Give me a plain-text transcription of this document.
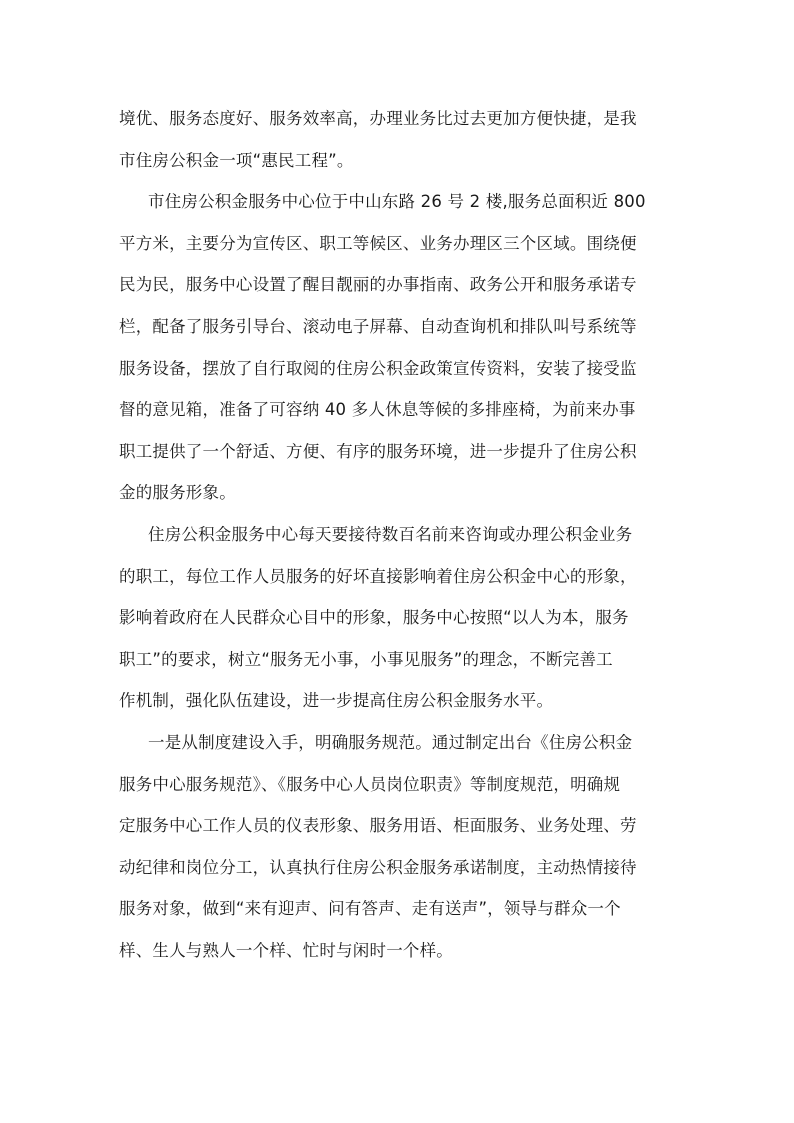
境优、服务态度好、服务效率高，办理业务比过去更加方便快捷，是我
市住房公积金一项“惠民工程”。
市住房公积金服务中心位于中山东路 26 号 2 楼,服务总面积近 800
平方米，主要分为宣传区、职工等候区、业务办理区三个区域。围绕便
民为民，服务中心设置了醒目靓丽的办事指南、政务公开和服务承诺专
栏，配备了服务引导台、滚动电子屏幕、自动查询机和排队叫号系统等
服务设备，摆放了自行取阅的住房公积金政策宣传资料，安装了接受监
督的意见箱，准备了可容纳 40 多人休息等候的多排座椅，为前来办事
职工提供了一个舒适、方便、有序的服务环境，进一步提升了住房公积
金的服务形象。
住房公积金服务中心每天要接待数百名前来咨询或办理公积金业务
的职工，每位工作人员服务的好坏直接影响着住房公积金中心的形象，
影响着政府在人民群众心目中的形象，服务中心按照“以人为本，服务
职工”的要求，树立“服务无小事，小事见服务”的理念，不断完善工
作机制，强化队伍建设，进一步提高住房公积金服务水平。
一是从制度建设入手，明确服务规范。通过制定出台《住房公积金
服务中心服务规范》、《服务中心人员岗位职责》等制度规范，明确规
定服务中心工作人员的仪表形象、服务用语、柜面服务、业务处理、劳
动纪律和岗位分工，认真执行住房公积金服务承诺制度，主动热情接待
服务对象，做到“来有迎声、问有答声、走有送声”，领导与群众一个
样、生人与熟人一个样、忙时与闲时一个样。
